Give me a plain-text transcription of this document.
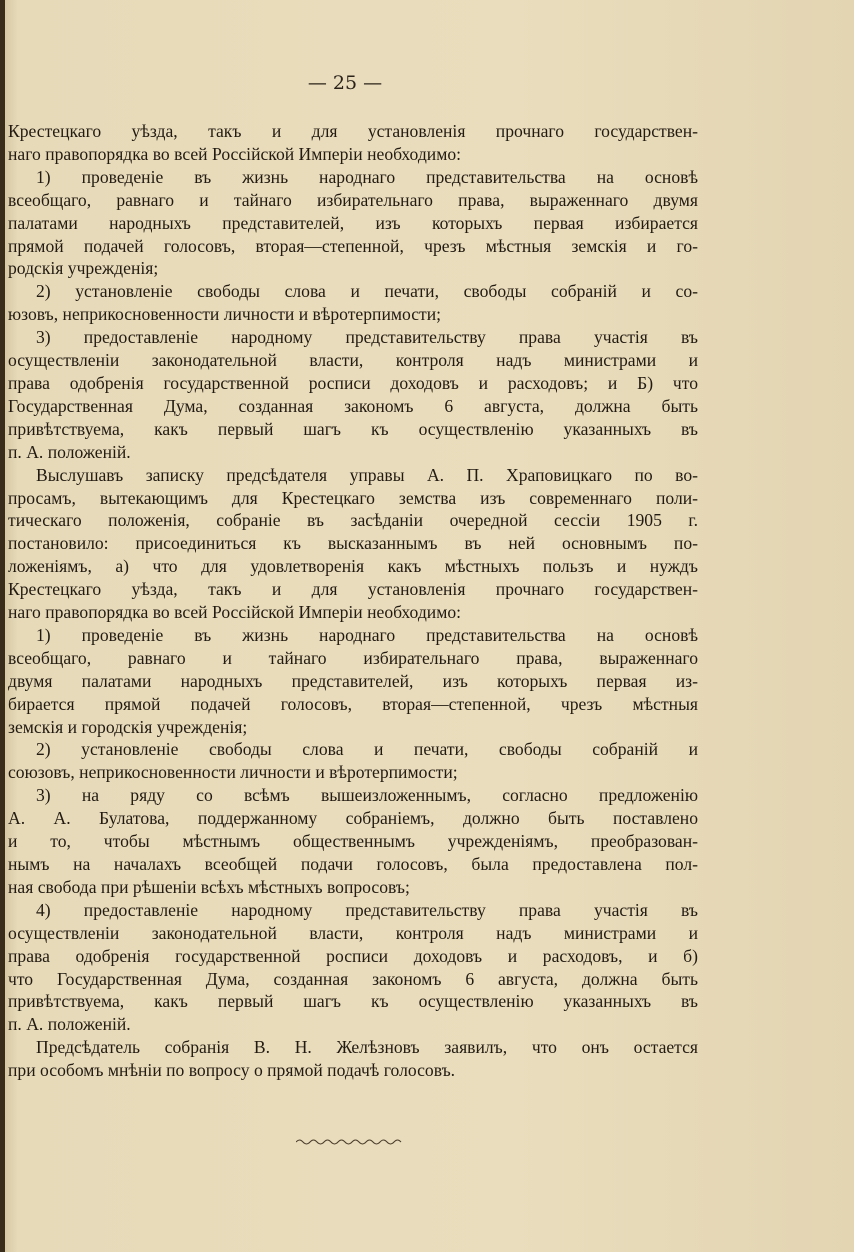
— 25 —
Крестецкаго уѣзда, такъ и для установленія прочнаго государствен-
наго правопорядка во всей Россійской Имперіи необходимо:
1) проведеніе въ жизнь народнаго представительства на основѣ
всеобщаго, равнаго и тайнаго избирательнаго права, выраженнаго двумя
палатами народныхъ представителей, изъ которыхъ первая избирается
прямой подачей голосовъ, вторая—степенной, чрезъ мѣстныя земскія и го-
родскія учрежденія;
2) установленіе свободы слова и печати, свободы собраній и со-
юзовъ, неприкосновенности личности и вѣротерпимости;
3) предоставленіе народному представительству права участія въ
осуществленіи законодательной власти, контроля надъ министрами и
права одобренія государственной росписи доходовъ и расходовъ; и Б) что
Государственная Дума, созданная закономъ 6 августа, должна быть
привѣтствуема, какъ первый шагъ къ осуществленію указанныхъ въ
п. А. положеній.
Выслушавъ записку предсѣдателя управы А. П. Храповицкаго по во-
просамъ, вытекающимъ для Крестецкаго земства изъ современнаго поли-
тическаго положенія, собраніе въ засѣданіи очередной сессіи 1905 г.
постановило: присоединиться къ высказаннымъ въ ней основнымъ по-
ложеніямъ, а) что для удовлетворенія какъ мѣстныхъ пользъ и нуждъ
Крестецкаго уѣзда, такъ и для установленія прочнаго государствен-
наго правопорядка во всей Россійской Имперіи необходимо:
1) проведеніе въ жизнь народнаго представительства на основѣ
всеобщаго, равнаго и тайнаго избирательнаго права, выраженнаго
двумя палатами народныхъ представителей, изъ которыхъ первая из-
бирается прямой подачей голосовъ, вторая—степенной, чрезъ мѣстныя
земскія и городскія учрежденія;
2) установленіе свободы слова и печати, свободы собраній и
союзовъ, неприкосновенности личности и вѣротерпимости;
3) на ряду со всѣмъ вышеизложеннымъ, согласно предложенію
А. А. Булатова, поддержанному собраніемъ, должно быть поставлено
и то, чтобы мѣстнымъ общественнымъ учрежденіямъ, преобразован-
нымъ на началахъ всеобщей подачи голосовъ, была предоставлена пол-
ная свобода при рѣшеніи всѣхъ мѣстныхъ вопросовъ;
4) предоставленіе народному представительству права участія въ
осуществленіи законодательной власти, контроля надъ министрами и
права одобренія государственной росписи доходовъ и расходовъ, и б)
что Государственная Дума, созданная закономъ 6 августа, должна быть
привѣтствуема, какъ первый шагъ къ осуществленію указанныхъ въ
п. А. положеній.
Предсѣдатель собранія В. Н. Желѣзновъ заявилъ, что онъ остается
при особомъ мнѣніи по вопросу о прямой подачѣ голосовъ.
